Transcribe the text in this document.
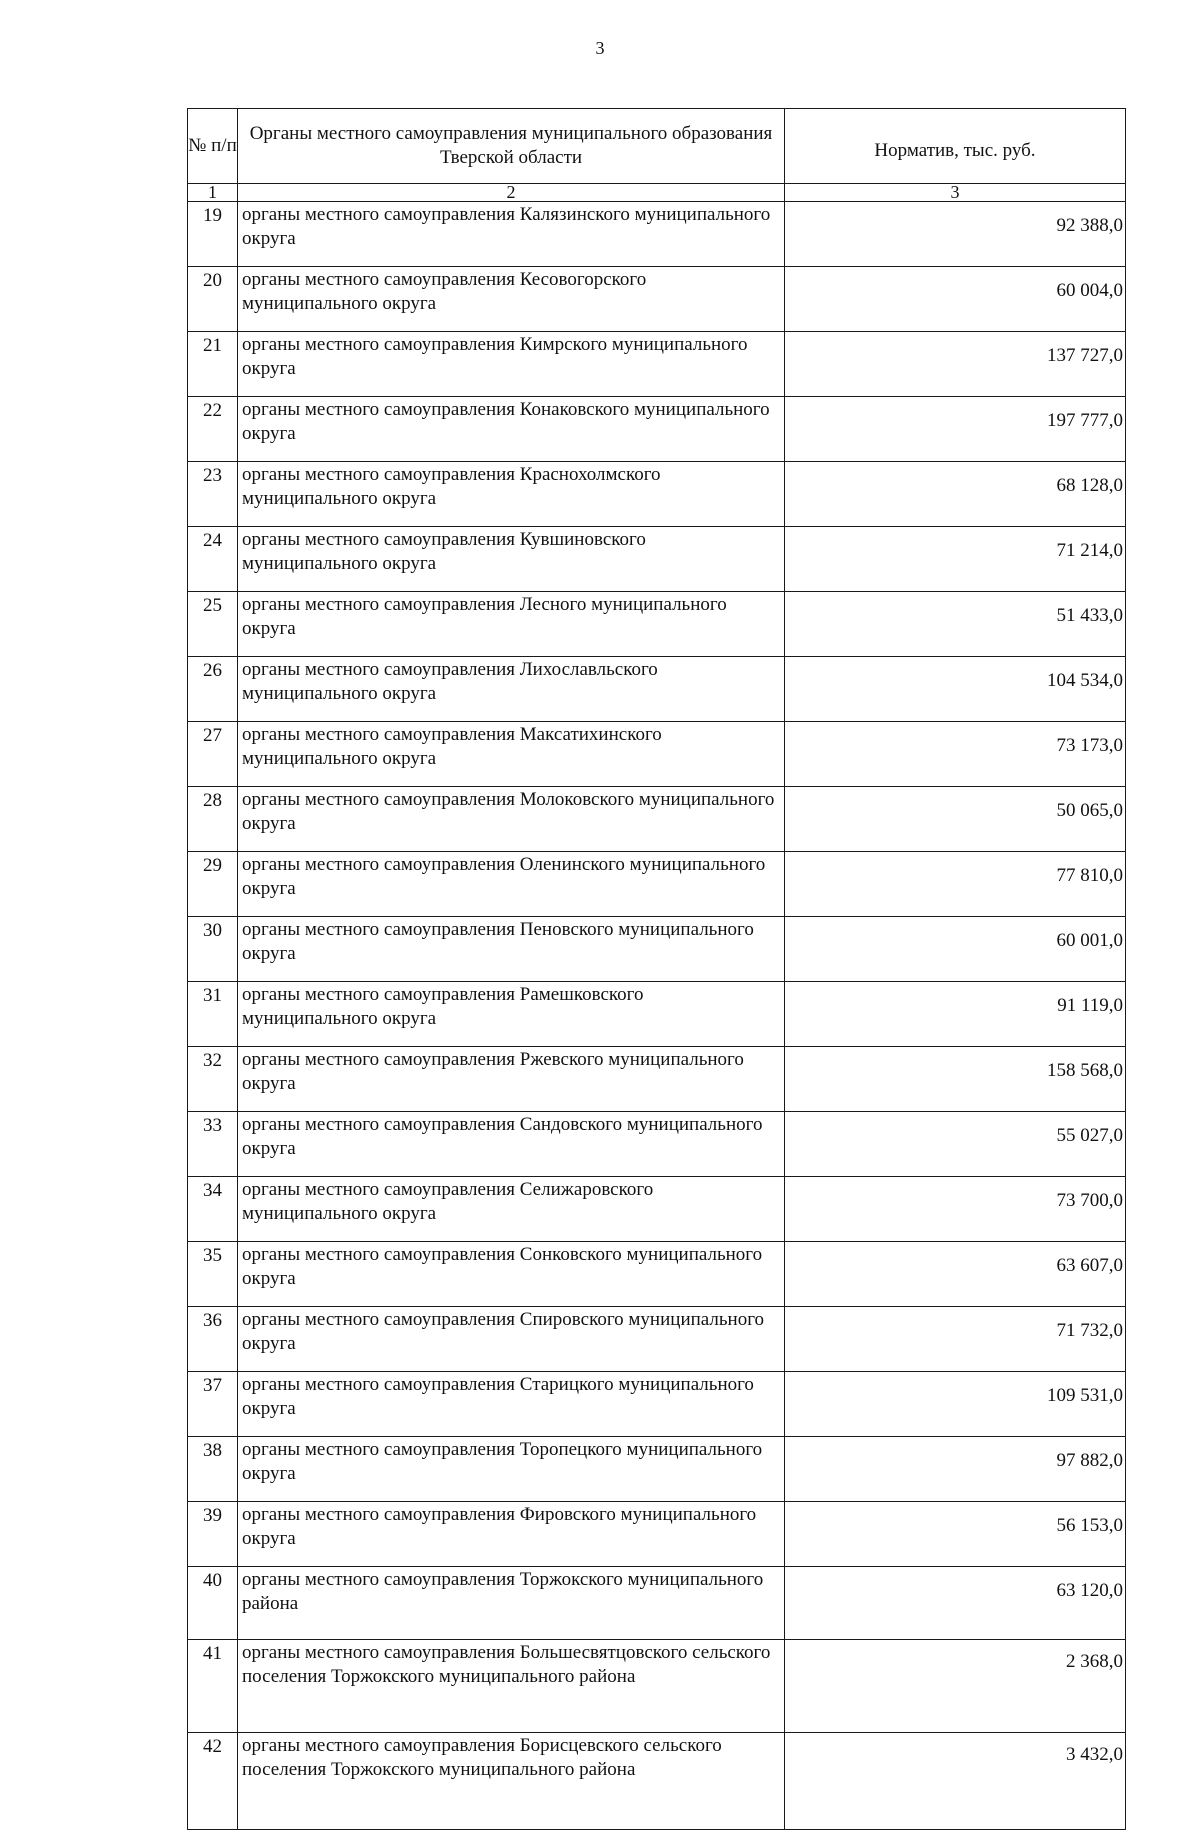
3
№ п/п	Органы местного самоуправления муниципального образования Тверской области	Норматив, тыс. руб.
1	2	3
19	органы местного самоуправления Калязинского муниципального округа	92 388,0
20	органы местного самоуправления Кесовогорского муниципального округа	60 004,0
21	органы местного самоуправления Кимрского муниципального округа	137 727,0
22	органы местного самоуправления Конаковского муниципального округа	197 777,0
23	органы местного самоуправления Краснохолмского муниципального округа	68 128,0
24	органы местного самоуправления Кувшиновского муниципального округа	71 214,0
25	органы местного самоуправления Лесного муниципального округа	51 433,0
26	органы местного самоуправления Лихославльского муниципального округа	104 534,0
27	органы местного самоуправления Максатихинского муниципального округа	73 173,0
28	органы местного самоуправления Молоковского муниципального округа	50 065,0
29	органы местного самоуправления Оленинского муниципального округа	77 810,0
30	органы местного самоуправления Пеновского муниципального округа	60 001,0
31	органы местного самоуправления Рамешковского муниципального округа	91 119,0
32	органы местного самоуправления Ржевского муниципального округа	158 568,0
33	органы местного самоуправления Сандовского муниципального округа	55 027,0
34	органы местного самоуправления Селижаровского муниципального округа	73 700,0
35	органы местного самоуправления Сонковского муниципального округа	63 607,0
36	органы местного самоуправления Спировского муниципального округа	71 732,0
37	органы местного самоуправления Старицкого муниципального округа	109 531,0
38	органы местного самоуправления Торопецкого муниципального округа	97 882,0
39	органы местного самоуправления Фировского муниципального округа	56 153,0
40	органы местного самоуправления Торжокского муниципального района	63 120,0
41	органы местного самоуправления Большесвятцовского сельского поселения Торжокского муниципального района	2 368,0
42	органы местного самоуправления Борисцевского сельского поселения Торжокского муниципального района	3 432,0
